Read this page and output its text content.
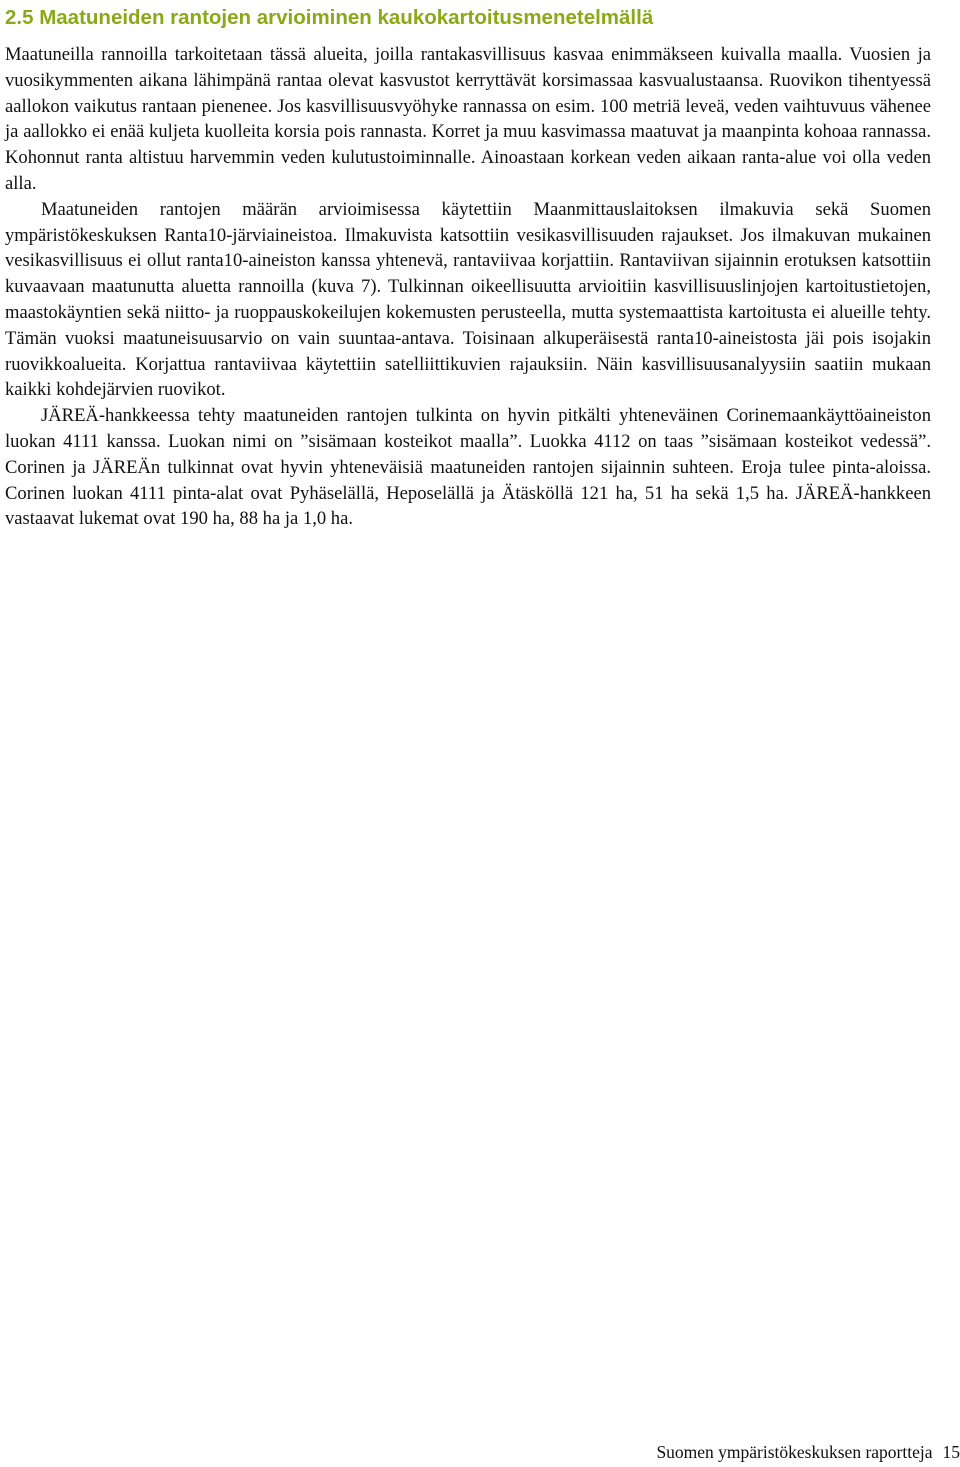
2.5 Maatuneiden rantojen arvioiminen kaukokartoitusmenetelmällä

Maatuneilla rannoilla tarkoitetaan tässä alueita, joilla rantakasvillisuus kasvaa enimmäkseen kuivalla maalla. Vuosien ja vuosikymmenten aikana lähimpänä rantaa olevat kasvustot kerryttävät korsimassaa kasvualustaansa. Ruovikon tihentyessä aallokon vaikutus rantaan pienenee. Jos kasvillisuusvyöhyke rannassa on esim. 100 metriä leveä, veden vaihtuvuus vähenee ja aallokko ei enää kuljeta kuolleita korsia pois rannasta. Korret ja muu kasvimassa maatuvat ja maanpinta kohoaa rannassa. Kohonnut ranta altistuu harvemmin veden kulutustoiminnalle. Ainoastaan korkean veden aikaan ranta-alue voi olla veden alla.

Maatuneiden rantojen määrän arvioimisessa käytettiin Maanmittauslaitoksen ilmakuvia sekä Suomen ympäristökeskuksen Ranta10-järviaineistoa. Ilmakuvista katsottiin vesikasvillisuuden rajaukset. Jos ilmakuvan mukainen vesikasvillisuus ei ollut ranta10-aineiston kanssa yhtenevä, rantaviivaa korjattiin. Rantaviivan sijainnin erotuksen katsottiin kuvaavaan maatunutta aluetta rannoilla (kuva 7). Tulkinnan oikeellisuutta arvioitiin kasvillisuuslinjojen kartoitustietojen, maastokäyntien sekä niitto- ja ruoppauskokeilujen kokemusten perusteella, mutta systemaattista kartoitusta ei alueille tehty. Tämän vuoksi maatuneisuusarvio on vain suuntaa-antava. Toisinaan alkuperäisestä ranta10-aineistosta jäi pois isojakin ruovikkoalueita. Korjattua rantaviivaa käytettiin satelliittikuvien rajauksiin. Näin kasvillisuusanalyysiin saatiin mukaan kaikki kohdejärvien ruovikot.

JÄREÄ-hankkeessa tehty maatuneiden rantojen tulkinta on hyvin pitkälti yhteneväinen Corinemaankäyttöaineiston luokan 4111 kanssa. Luokan nimi on ”sisämaan kosteikot maalla”. Luokka 4112 on taas ”sisämaan kosteikot vedessä”. Corinen ja JÄREÄn tulkinnat ovat hyvin yhteneväisiä maatuneiden rantojen sijainnin suhteen. Eroja tulee pinta-aloissa. Corinen luokan 4111 pinta-alat ovat Pyhäselällä, Heposelällä ja Ätäsköllä 121 ha, 51 ha sekä 1,5 ha. JÄREÄ-hankkeen vastaavat lukemat ovat 190 ha, 88 ha ja 1,0 ha.

Suomen ympäristökeskuksen raportteja 15
